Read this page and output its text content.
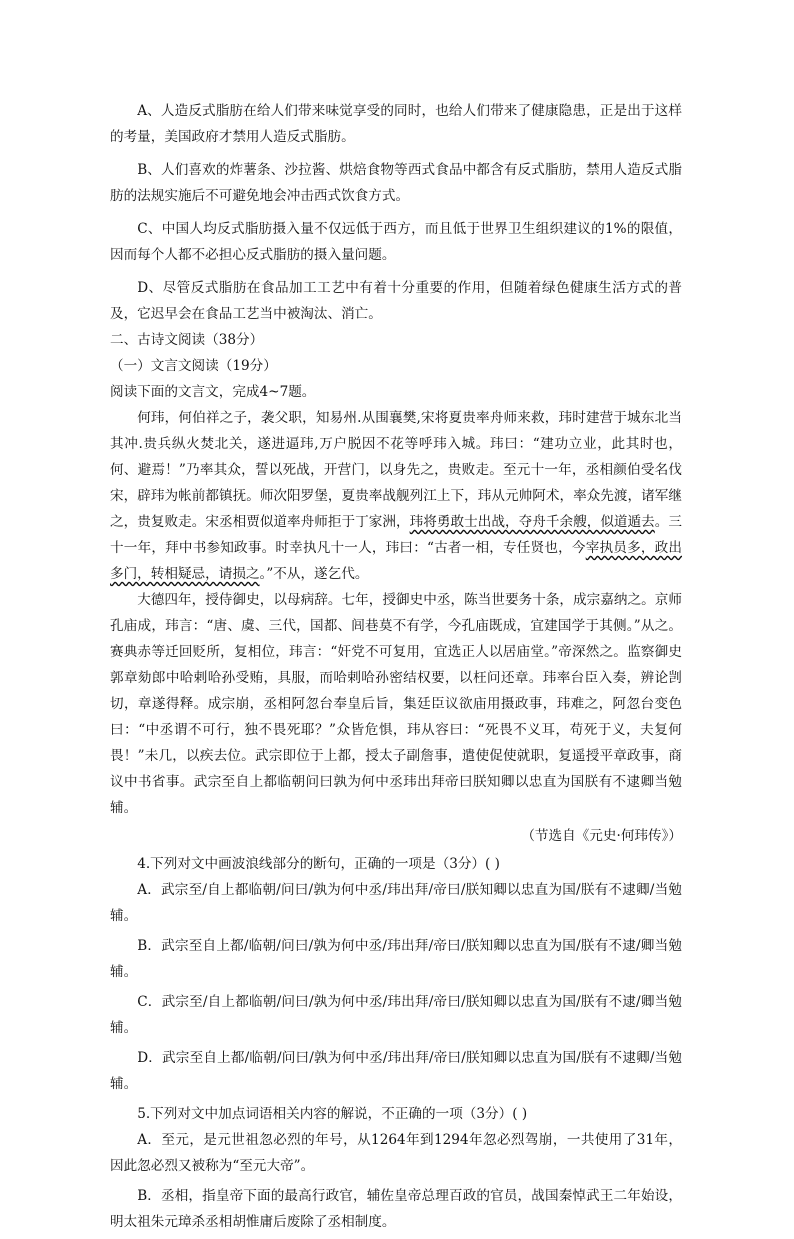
A、人造反式脂肪在给人们带来味觉享受的同时，也给人们带来了健康隐患，正是出于这样的考量，美国政府才禁用人造反式脂肪。

B、人们喜欢的炸薯条、沙拉酱、烘焙食物等西式食品中都含有反式脂肪，禁用人造反式脂肪的法规实施后不可避免地会冲击西式饮食方式。

C、中国人均反式脂肪摄入量不仅远低于西方，而且低于世界卫生组织建议的1%的限值，因而每个人都不必担心反式脂肪的摄入量问题。

D、尽管反式脂肪在食品加工工艺中有着十分重要的作用，但随着绿色健康生活方式的普及，它迟早会在食品工艺当中被淘汰、消亡。

二、古诗文阅读（38分）

（一）文言文阅读（19分）

阅读下面的文言文，完成4~7题。

何玮，何伯祥之子，袭父职，知易州.从围襄樊,宋将夏贵率舟师来救，玮时建营于城东北当其冲.贵兵纵火焚北关，遂进逼玮,万户脱因不花等呼玮入城。玮曰：“建功立业，此其时也，何、避焉！”乃率其众，誓以死战，开营门，以身先之，贵败走。至元十一年，丞相颜伯受名伐宋，辟玮为帐前都镇抚。师次阳罗堡，夏贵率战舰列江上下，玮从元帅阿术，率众先渡，诸军继之，贵复败走。宋丞相贾似道率舟师拒于丁家洲，玮将勇敢士出战，夺舟千余艘，似道遁去。三十一年，拜中书参知政事。时幸执凡十一人，玮曰：“古者一相，专任贤也，今宰执员多，政出多门，转相疑忌，请损之。”不从，遂乞代。

大德四年，授侍御史，以母病辞。七年，授御史中丞，陈当世要务十条，成宗嘉纳之。京师孔庙成，玮言：“唐、虞、三代，国都、闾巷莫不有学，今孔庙既成，宜建国学于其侧。”从之。赛典赤等迁回贬所，复相位，玮言：“奸党不可复用，宜选正人以居庙堂。”帝深然之。监察御史郭章劾郎中哈剌哈孙受贿，具服，而哈剌哈孙密结权要，以枉问还章。玮率台臣入奏，辨论剀切，章遂得释。成宗崩，丞相阿忽台奉皇后旨，集廷臣议欲庙用摄政事，玮难之，阿忽台变色曰：“中丞谓不可行，独不畏死耶？”众皆危惧，玮从容曰：“死畏不义耳，苟死于义，夫复何畏！”未几，以疾去位。武宗即位于上都，授太子副詹事，遣使促使就职，复遥授平章政事，商议中书省事。武宗至自上都临朝问曰孰为何中丞玮出拜帝曰朕知卿以忠直为国朕有不逮卿当勉辅。

（节选自《元史·何玮传》）

4.下列对文中画波浪线部分的断句，正确的一项是（3分）( )

A．武宗至/自上都临朝/问曰/孰为何中丞/玮出拜/帝曰/朕知卿以忠直为国/朕有不逮卿/当勉辅。

B．武宗至自上都/临朝/问曰/孰为何中丞/玮出拜/帝曰/朕知卿以忠直为国/朕有不逮/卿当勉辅。

C．武宗至/自上都临朝/问曰/孰为何中丞/玮出拜/帝曰/朕知卿以忠直为国/朕有不逮/卿当勉辅。

D．武宗至自上都/临朝/问曰/孰为何中丞/玮出拜/帝曰/朕知卿以忠直为国/朕有不逮卿/当勉辅。

5.下列对文中加点词语相关内容的解说，不正确的一项（3分）( )

A．至元，是元世祖忽必烈的年号，从1264年到1294年忽必烈驾崩，一共使用了31年，因此忽必烈又被称为“至元大帝”。

B．丞相，指皇帝下面的最高行政官，辅佐皇帝总理百政的官员，战国秦悼武王二年始设，明太祖朱元璋杀丞相胡惟庸后废除了丞相制度。
